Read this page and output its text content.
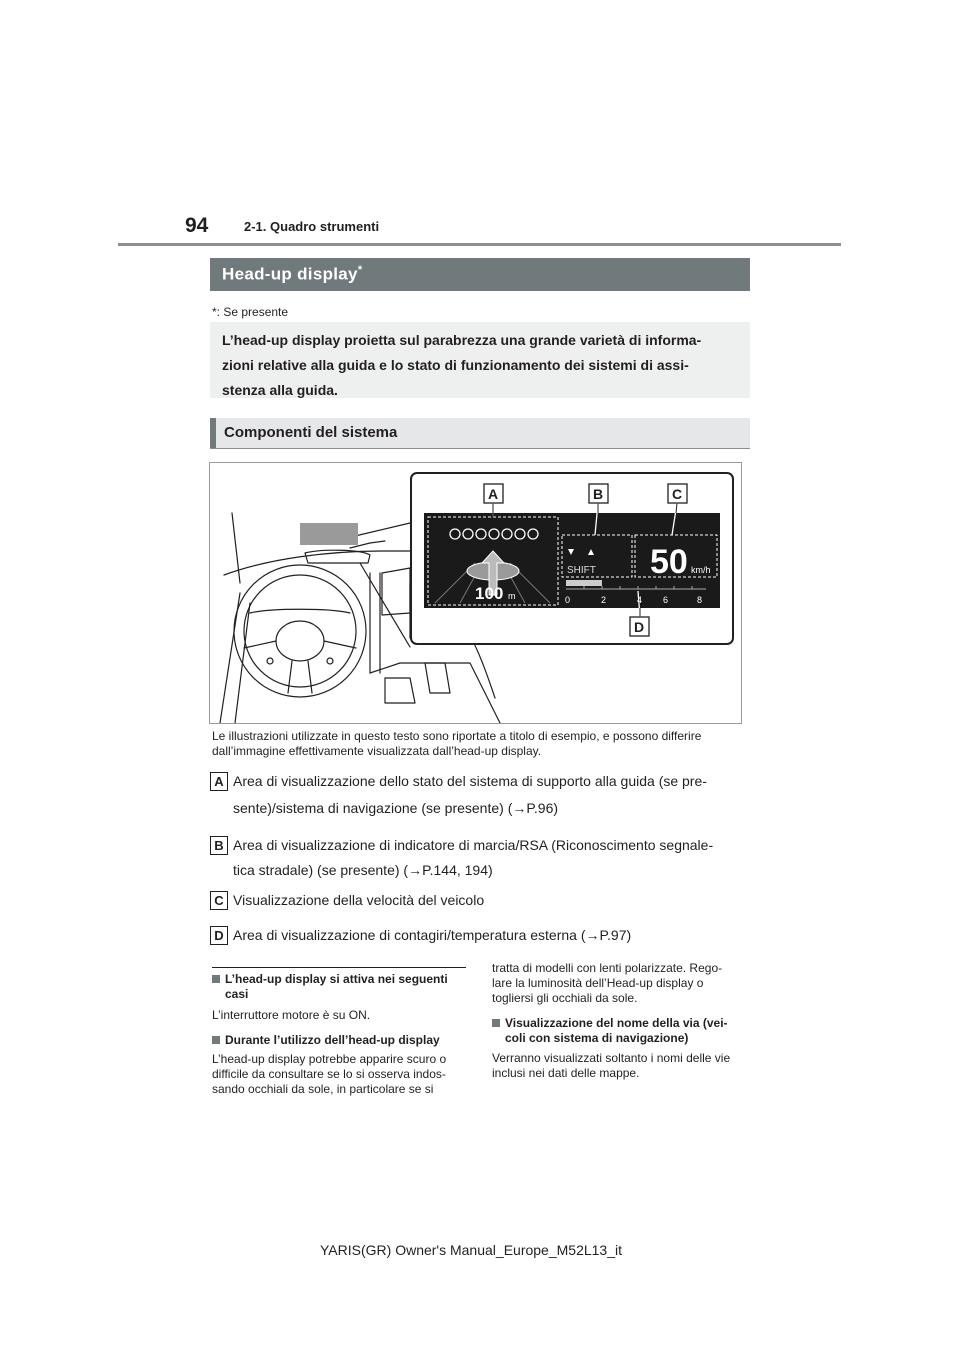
94	2-1. Quadro strumenti
Head-up display*
*: Se presente
L’head-up display proietta sul parabrezza una grande varietà di informa-
zioni relative alla guida e lo stato di funzionamento dei sistemi di assi-
stenza alla guida.
Componenti del sistema
100 m
SHIFT 50 km/h
0	2	4 6	8
A	B	C
D
Le illustrazioni utilizzate in questo testo sono riportate a titolo di esempio, e possono differire
dall’immagine effettivamente visualizzata dall’head-up display.
A Area di visualizzazione dello stato del sistema di supporto alla guida (se pre-
sente)/sistema di navigazione (se presente) (→P.96)
B Area di visualizzazione di indicatore di marcia/RSA (Riconoscimento segnale-
tica stradale) (se presente) (→P.144, 194)
C Visualizzazione della velocità del veicolo
D Area di visualizzazione di contagiri/temperatura esterna (→P.97)
L’head-up display si attiva nei seguenti
casi
L’interruttore motore è su ON.
Durante l’utilizzo dell’head-up display
L’head-up display potrebbe apparire scuro o
difficile da consultare se lo si osserva indos-
sando occhiali da sole, in particolare se si
tratta di modelli con lenti polarizzate. Rego-
lare la luminosità dell’Head-up display o
togliersi gli occhiali da sole.
Visualizzazione del nome della via (vei-
coli con sistema di navigazione)
Verranno visualizzati soltanto i nomi delle vie
inclusi nei dati delle mappe.
YARIS(GR) Owner's Manual_Europe_M52L13_it
